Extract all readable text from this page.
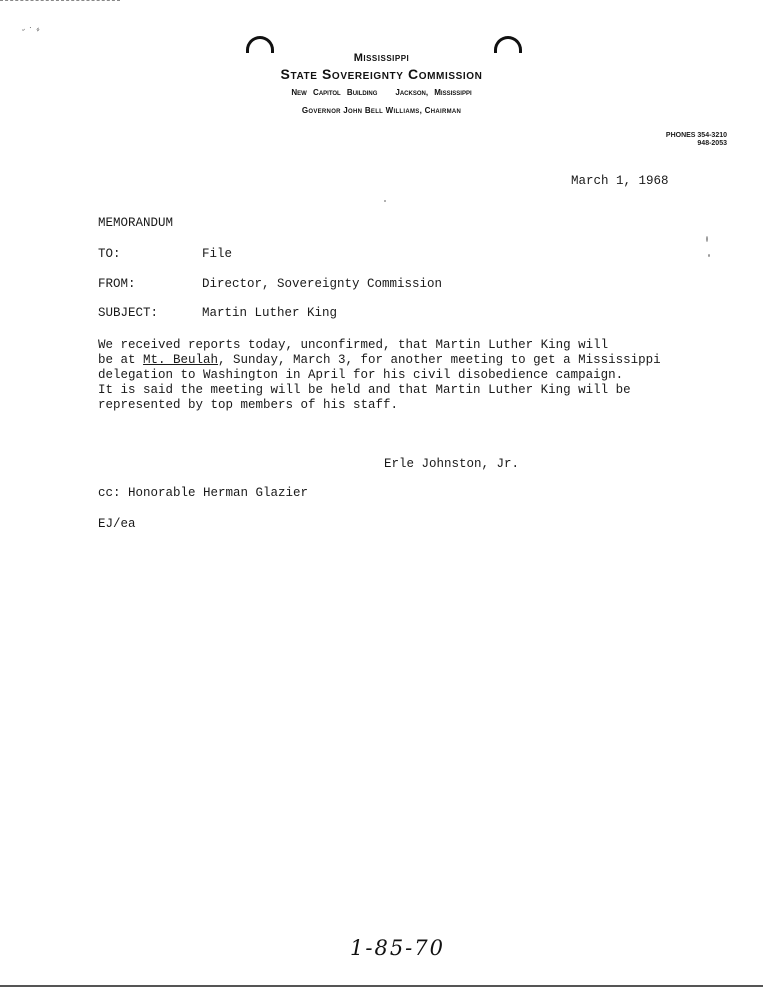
˘ ˙ ⸗
Mississippi
State Sovereignty Commission
New Capitol Building Jackson, Mississippi
Governor John Bell Williams, Chairman
PHONES 354-3210
948-2053
March 1, 1968
MEMORANDUM
TO:	File
FROM:	Director, Sovereignty Commission
SUBJECT:	Martin Luther King
We received reports today, unconfirmed, that Martin Luther King will
be at Mt. Beulah, Sunday, March 3, for another meeting to get a Mississippi
delegation to Washington in April for his civil disobedience campaign.
It is said the meeting will be held and that Martin Luther King will be
represented by top members of his staff.
Erle Johnston, Jr.
cc: Honorable Herman Glazier
EJ/ea
1-85-70
